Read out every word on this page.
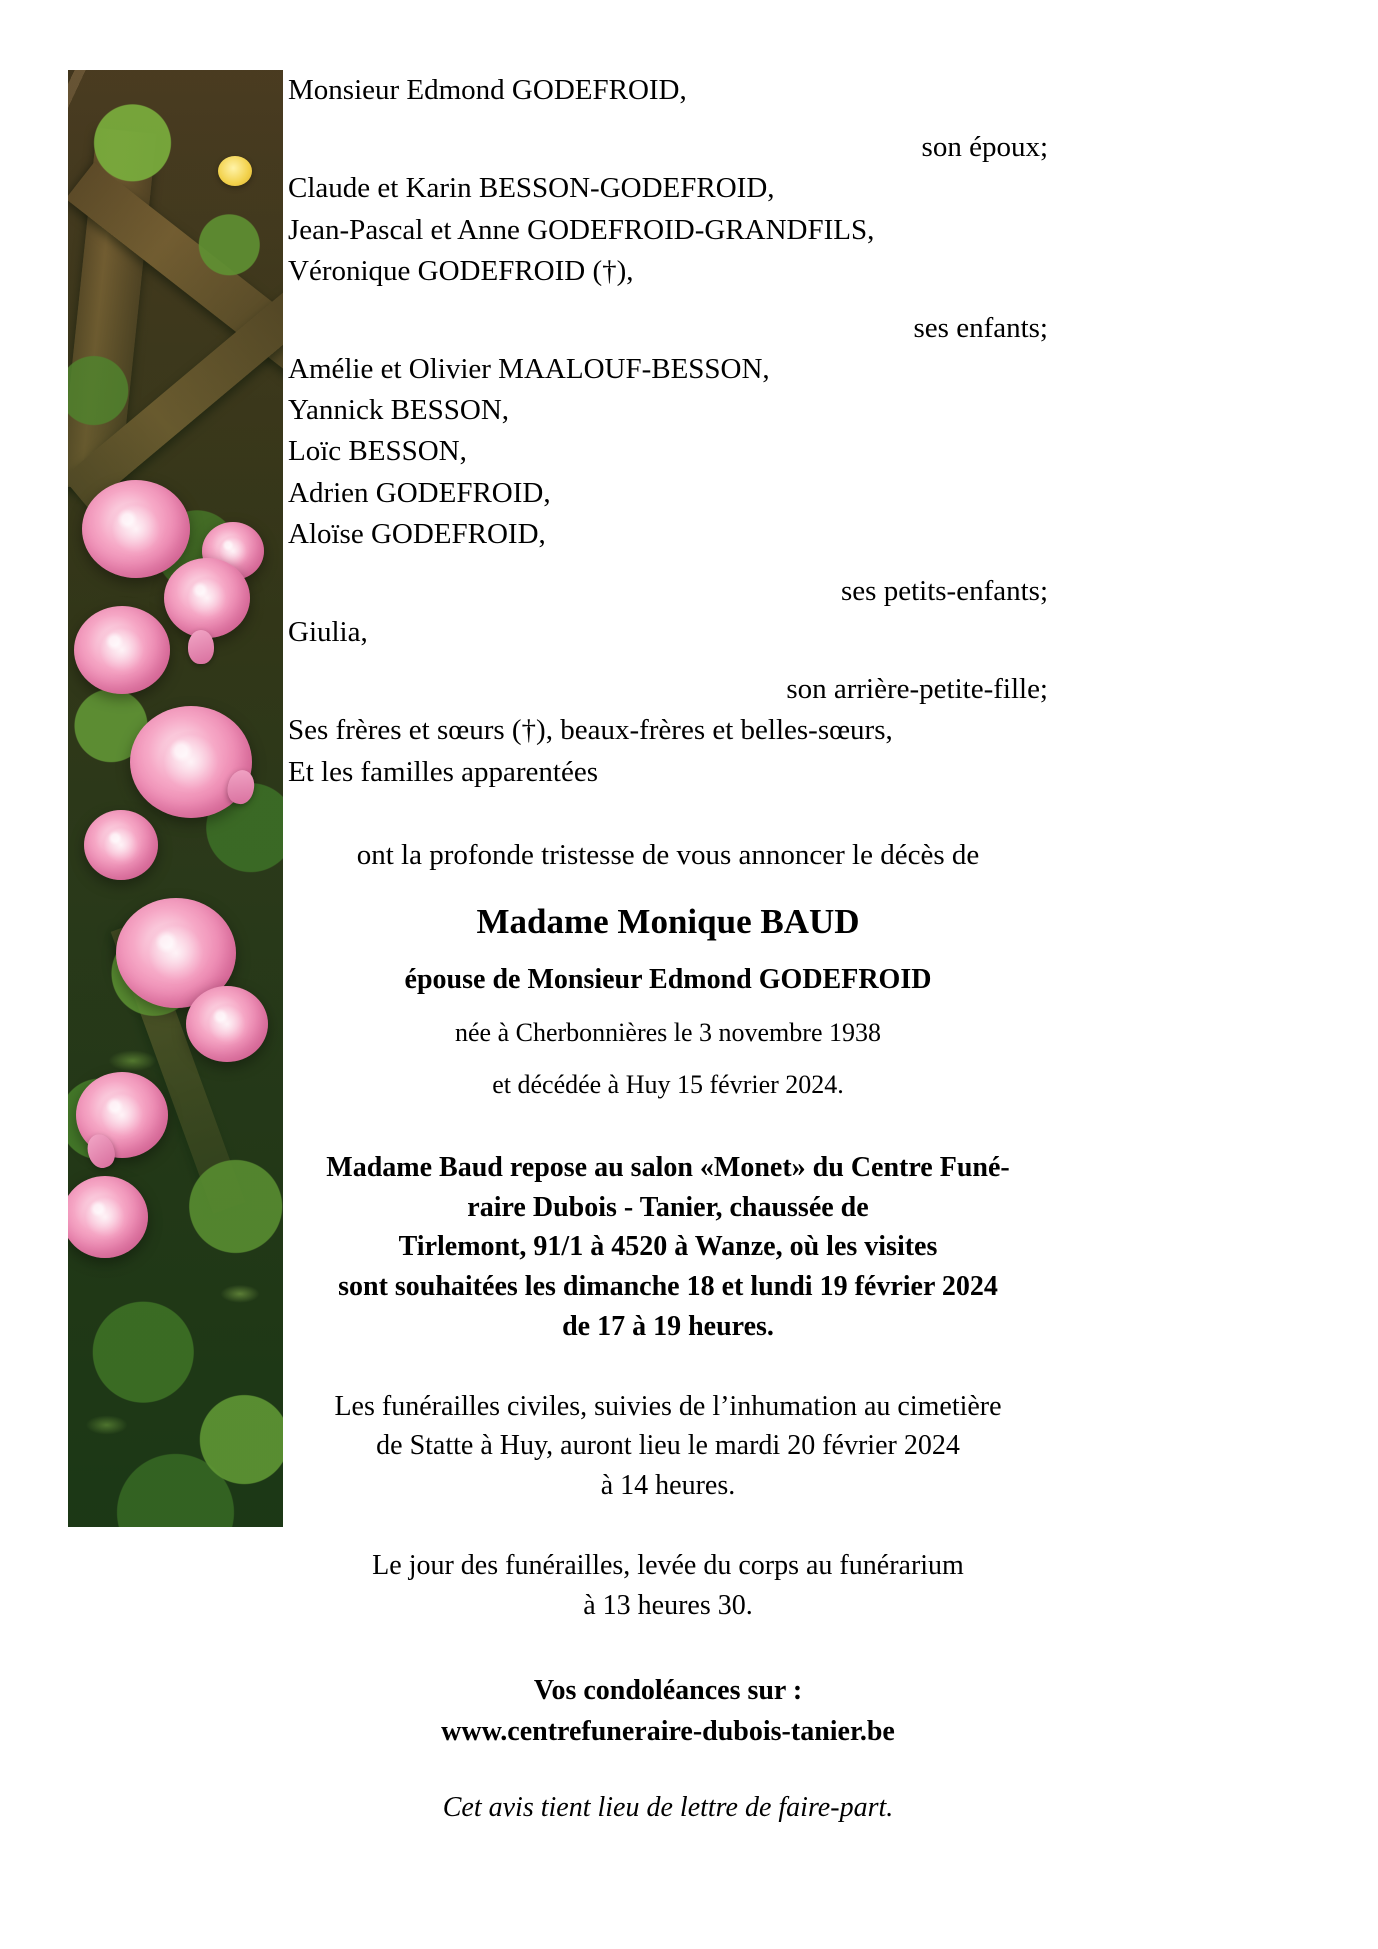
Monsieur Edmond GODEFROID,
son époux;
Claude et Karin BESSON-GODEFROID,
Jean-Pascal et Anne GODEFROID-GRANDFILS,
Véronique GODEFROID (†),
ses enfants;
Amélie et Olivier MAALOUF-BESSON,
Yannick BESSON,
Loïc BESSON,
Adrien GODEFROID,
Aloïse GODEFROID,
ses petits-enfants;
Giulia,
son arrière-petite-fille;
Ses frères et sœurs (†), beaux-frères et belles-sœurs,
Et les familles apparentées
ont la profonde tristesse de vous annoncer le décès de
Madame Monique BAUD
épouse de Monsieur Edmond GODEFROID
née à Cherbonnières le 3 novembre 1938
et décédée à Huy 15 février 2024.
Madame Baud repose au salon «Monet» du Centre Funé-
raire Dubois - Tanier, chaussée de
Tirlemont, 91/1 à 4520 à Wanze, où les visites
sont souhaitées les dimanche 18 et lundi 19 février 2024
de 17 à 19 heures.
Les funérailles civiles, suivies de l’inhumation au cimetière
de Statte à Huy, auront lieu le mardi 20 février 2024
à 14 heures.
Le jour des funérailles, levée du corps au funérarium
à 13 heures 30.
Vos condoléances sur :
www.centrefuneraire-dubois-tanier.be
Cet avis tient lieu de lettre de faire-part.
